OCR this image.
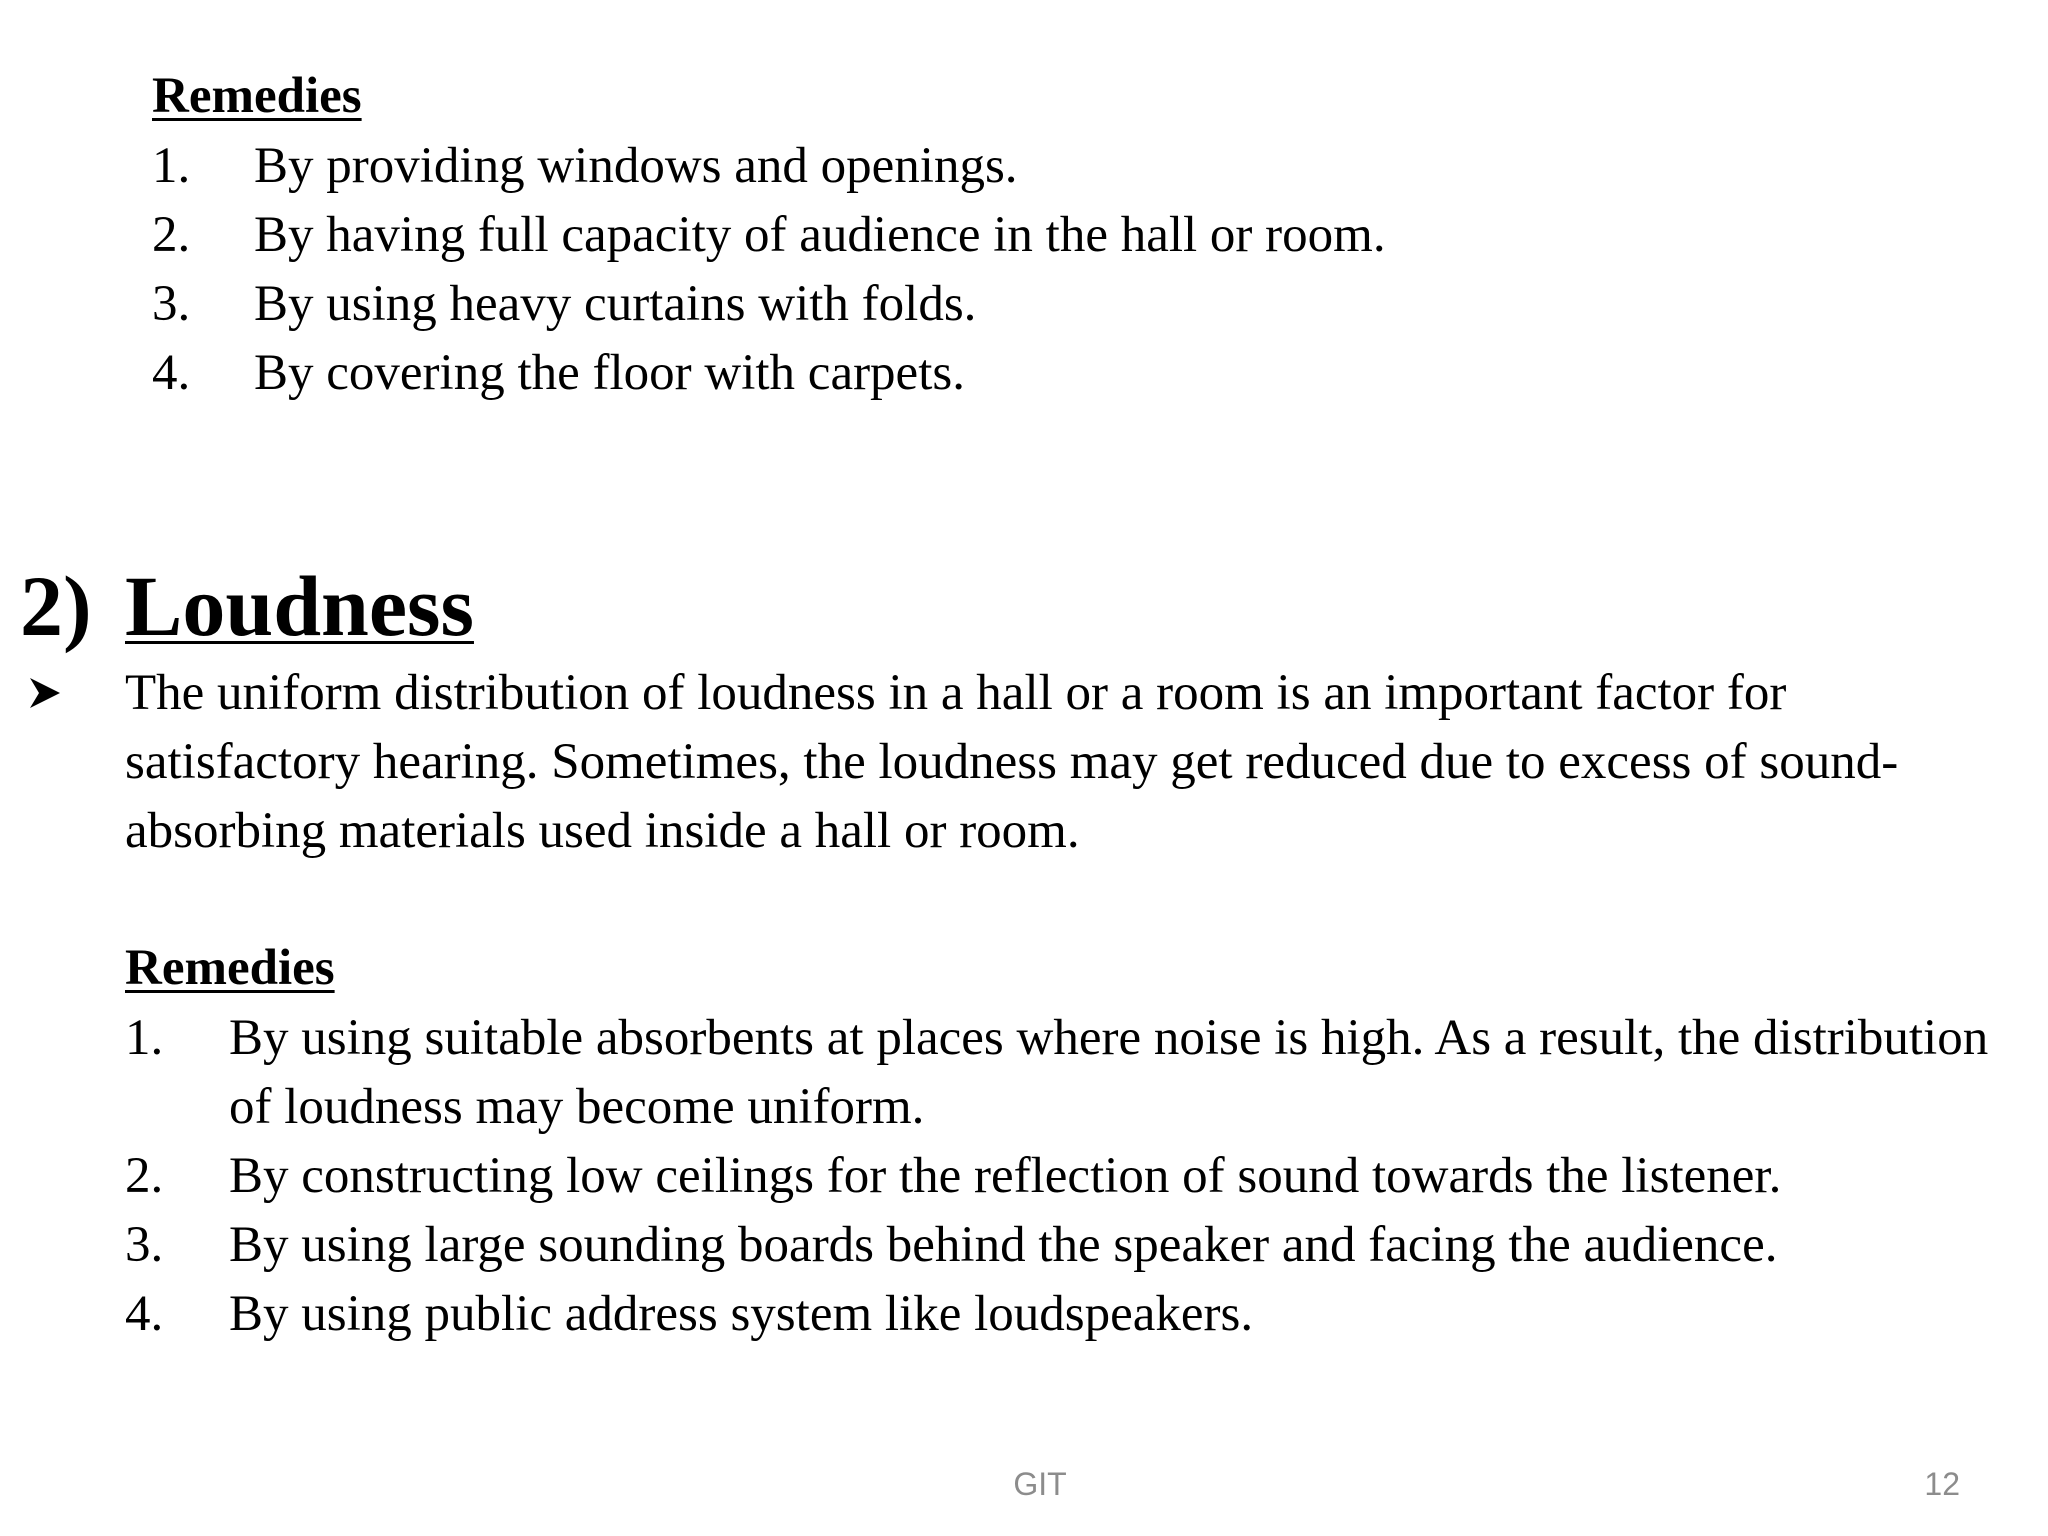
Remedies

1. By providing windows and openings.
2. By having full capacity of audience in the hall or room.
3. By using heavy curtains with folds.
4. By covering the floor with carpets.
2) Loudness

The uniform distribution of loudness in a hall or a room is an important factor for satisfactory hearing. Sometimes, the loudness may get reduced due to excess of sound-absorbing materials used inside a hall or room.

Remedies

1. By using suitable absorbents at places where noise is high. As a result, the distribution of loudness may become uniform.
2. By constructing low ceilings for the reflection of sound towards the listener.
3. By using large sounding boards behind the speaker and facing the audience.
4. By using public address system like loudspeakers.
GIT	12
